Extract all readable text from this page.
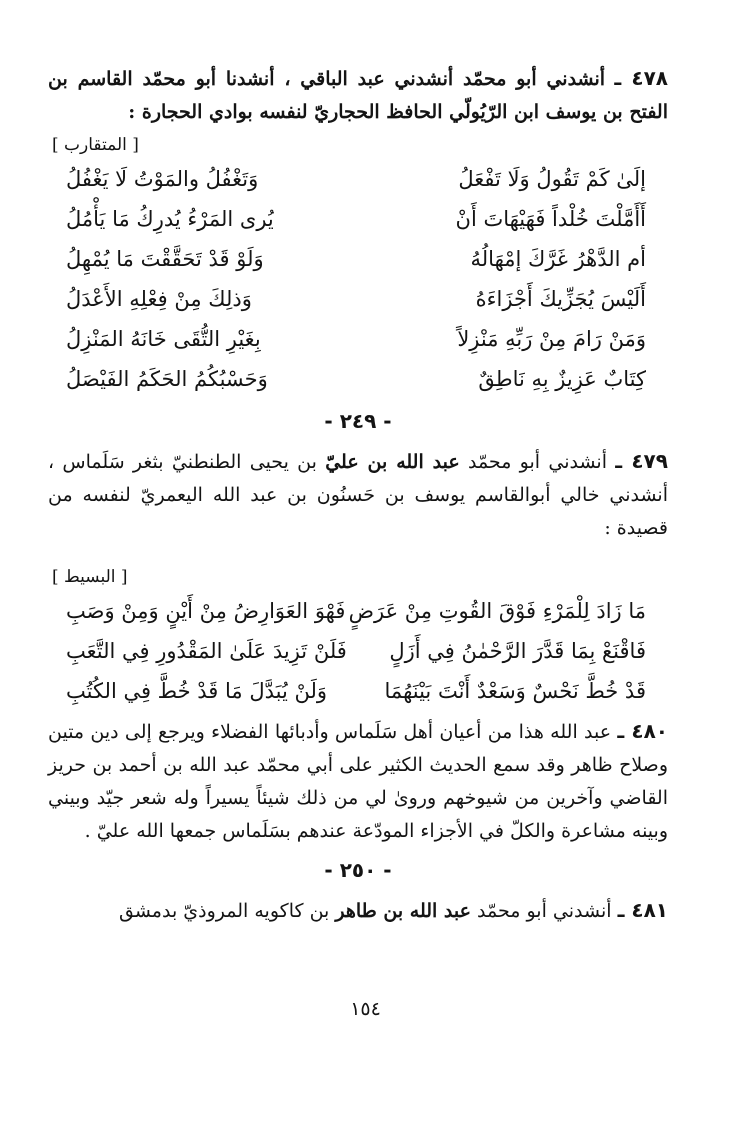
٤٧٨ ـ أنشدني أبو محمّد أنشدني عبد الباقي ، أنشدنا أبو محمّد القاسم بن الفتح بن يوسف ابن الرّيُولّي الحافظ الحجاريّ لنفسه بوادي الحجارة :

[ المتقارب ]
إلَىٰ كَمْ تَقُولُ وَلَا تَفْعَلُ	وَتَغْفُلُ والمَوْتُ لَا يَغْفُلُ
أَأَمَّلْتَ خُلْداً فَهَيْهَاتَ أَنْ	يُرى المَرْءُ يُدرِكُ مَا يَأْمُلُ
أم الدَّهْرُ غَرَّكَ إمْهَالُهُ	وَلَوْ قَدْ تَحَقَّقْتَ مَا يُمْهِلُ
أَلَيْسَ يُجَزِّيكَ أَجْزَاءَهُ	وَذلِكَ مِنْ فِعْلِهِ الأَعْدَلُ
وَمَنْ رَامَ مِنْ رَبِّهِ مَنْزِلاً	بِغَيْرِ التُّقَى خَانَهُ المَنْزِلُ
كِتَابٌ عَزِيزٌ بِهِ نَاطِقٌ	وَحَسْبُكُمُ الحَكَمُ الفَيْصَلُ
- ٢٤٩ -

٤٧٩ ـ أنشدني أبو محمّد عبد الله بن عليّ بن يحيى الطنطنيّ بثغر سَلَماس ، أنشدني خالي أبوالقاسم يوسف بن حَسنُون بن عبد الله اليعمريّ لنفسه من قصيدة :

[ البسيط ]
مَا زَادَ لِلْمَرْءِ فَوْقَ القُوتِ مِنْ عَرَضٍ	فَهْوَ العَوَارِضُ مِنْ أَيْنٍ وَمِنْ وَصَبِ
فَاقْنَعْ بِمَا قَدَّرَ الرَّحْمٰنُ فِي أَزَلٍ	فَلَنْ تَزِيدَ عَلَىٰ المَقْدُورِ فِي التَّعَبِ
قَدْ خُطَّ نَحْسٌ وَسَعْدٌ أَنْتَ بَيْنَهُمَا	وَلَنْ يُبَدَّلَ مَا قَدْ خُطَّ فِي الكُتُبِ

٤٨٠ ـ عبد الله هذا من أعيان أهل سَلَماس وأدبائها الفضلاء ويرجع إلى دين متين وصلاح ظاهر وقد سمع الحديث الكثير على أبي محمّد عبد الله بن أحمد بن حريز القاضي وآخرين من شيوخهم وروىٰ لي من ذلك شيئاً يسيراً وله شعر جيّد وبيني وبينه مشاعرة والكلّ في الأجزاء المودّعة عندهم بسَلَماس جمعها الله عليّ .

- ٢٥٠ -

٤٨١ ـ أنشدني أبو محمّد عبد الله بن طاهر بن كاكويه المروذيّ بدمشق

١٥٤
